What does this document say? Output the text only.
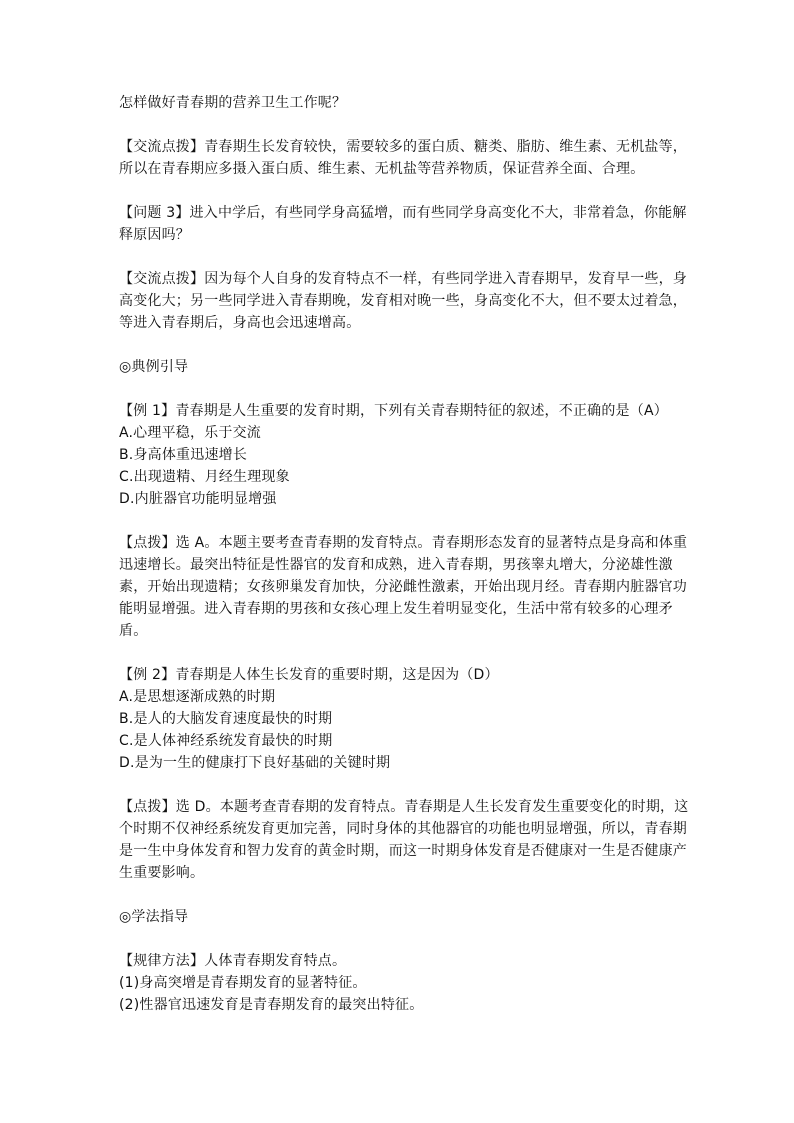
怎样做好青春期的营养卫生工作呢？

【交流点拨】青春期生长发育较快，需要较多的蛋白质、糖类、脂肪、维生素、无机盐等，所以在青春期应多摄入蛋白质、维生素、无机盐等营养物质，保证营养全面、合理。

【问题 3】进入中学后，有些同学身高猛增，而有些同学身高变化不大，非常着急，你能解释原因吗？

【交流点拨】因为每个人自身的发育特点不一样，有些同学进入青春期早，发育早一些，身高变化大；另一些同学进入青春期晚，发育相对晚一些，身高变化不大，但不要太过着急，等进入青春期后，身高也会迅速增高。

◎典例引导

【例 1】青春期是人生重要的发育时期，下列有关青春期特征的叙述，不正确的是（A）
A.心理平稳，乐于交流
B.身高体重迅速增长
C.出现遗精、月经生理现象
D.内脏器官功能明显增强

【点拨】选 A。本题主要考查青春期的发育特点。青春期形态发育的显著特点是身高和体重迅速增长。最突出特征是性器官的发育和成熟，进入青春期，男孩睾丸增大，分泌雄性激素，开始出现遗精；女孩卵巢发育加快，分泌雌性激素，开始出现月经。青春期内脏器官功能明显增强。进入青春期的男孩和女孩心理上发生着明显变化，生活中常有较多的心理矛盾。

【例 2】青春期是人体生长发育的重要时期，这是因为（D）
A.是思想逐渐成熟的时期
B.是人的大脑发育速度最快的时期
C.是人体神经系统发育最快的时期
D.是为一生的健康打下良好基础的关键时期

【点拨】选 D。本题考查青春期的发育特点。青春期是人生长发育发生重要变化的时期，这个时期不仅神经系统发育更加完善，同时身体的其他器官的功能也明显增强，所以，青春期是一生中身体发育和智力发育的黄金时期，而这一时期身体发育是否健康对一生是否健康产生重要影响。

◎学法指导

【规律方法】人体青春期发育特点。
(1)身高突增是青春期发育的显著特征。
(2)性器官迅速发育是青春期发育的最突出特征。
